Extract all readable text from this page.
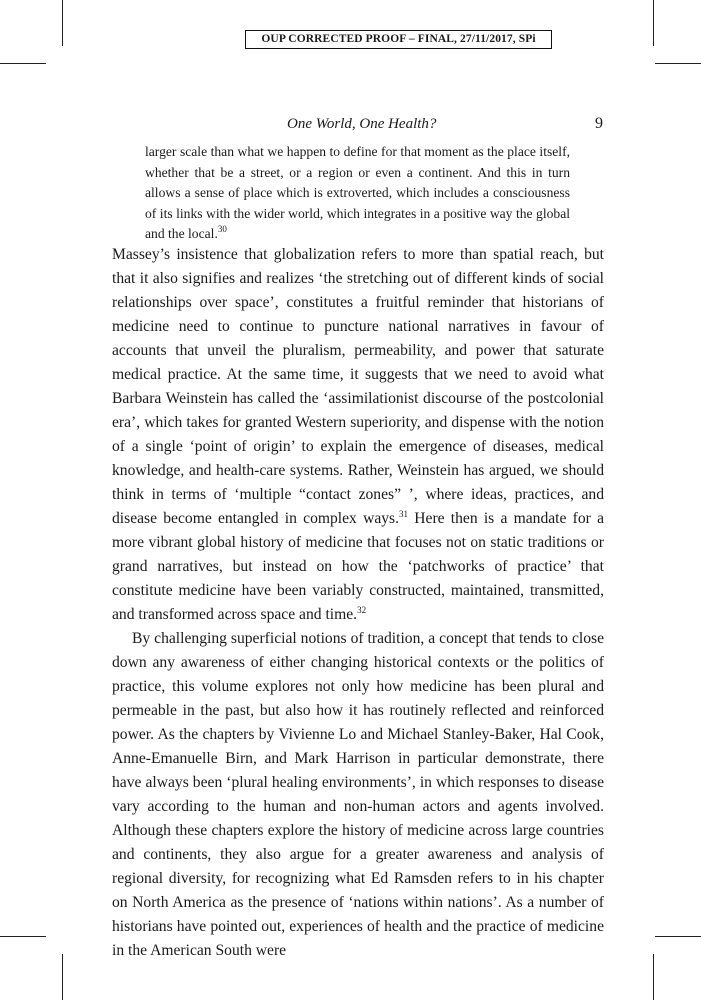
OUP CORRECTED PROOF – FINAL, 27/11/2017, SPi
One World, One Health?	9
larger scale than what we happen to define for that moment as the place itself, whether that be a street, or a region or even a continent. And this in turn allows a sense of place which is extroverted, which includes a consciousness of its links with the wider world, which integrates in a positive way the global and the local.$^{30}$

Massey’s insistence that globalization refers to more than spatial reach, but that it also signifies and realizes ‘the stretching out of different kinds of social relationships over space’, constitutes a fruitful reminder that historians of medicine need to continue to puncture national narratives in favour of accounts that unveil the pluralism, permeability, and power that saturate medical practice. At the same time, it suggests that we need to avoid what Barbara Weinstein has called the ‘assimilationist discourse of the postcolonial era’, which takes for granted Western superiority, and dispense with the notion of a single ‘point of origin’ to explain the emergence of diseases, medical knowledge, and health-care systems. Rather, Weinstein has argued, we should think in terms of ‘multiple “contact zones” ’, where ideas, practices, and disease become entangled in complex ways.$^{31}$ Here then is a mandate for a more vibrant global history of medicine that focuses not on static traditions or grand narratives, but instead on how the ‘patchworks of practice’ that constitute medicine have been variably constructed, maintained, transmitted, and transformed across space and time.$^{32}$

By challenging superficial notions of tradition, a concept that tends to close down any awareness of either changing historical contexts or the politics of practice, this volume explores not only how medicine has been plural and permeable in the past, but also how it has routinely reflected and reinforced power. As the chapters by Vivienne Lo and Michael Stanley-Baker, Hal Cook, Anne-Emanuelle Birn, and Mark Harrison in particular demonstrate, there have always been ‘plural healing environments’, in which responses to disease vary according to the human and non-human actors and agents involved. Although these chapters explore the history of medicine across large countries and continents, they also argue for a greater awareness and analysis of regional diversity, for recognizing what Ed Ramsden refers to in his chapter on North America as the presence of ‘nations within nations’. As a number of historians have pointed out, experiences of health and the practice of medicine in the American South were
